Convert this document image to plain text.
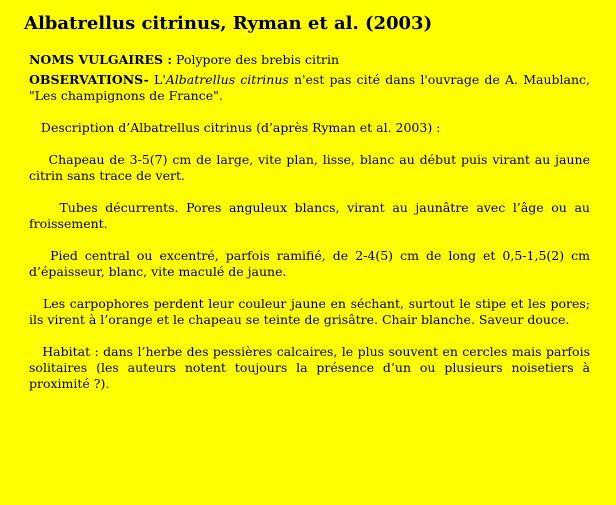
Albatrellus citrinus, Ryman et al. (2003)

NOMS VULGAIRES : Polypore des brebis citrin

OBSERVATIONS- L'Albatrellus citrinus n'est pas cité dans l'ouvrage de A. Maublanc, "Les champignons de France".

Description d’Albatrellus citrinus (d’après Ryman et al. 2003) :

Chapeau de 3-5(7) cm de large, vite plan, lisse, blanc au début puis virant au jaune citrin sans trace de vert.

Tubes décurrents. Pores anguleux blancs, virant au jaunâtre avec l’âge ou au froissement.

Pied central ou excentré, parfois ramifié, de 2-4(5) cm de long et 0,5-1,5(2) cm d’épaisseur, blanc, vite maculé de jaune.

Les carpophores perdent leur couleur jaune en séchant, surtout le stipe et les pores; ils virent à l’orange et le chapeau se teinte de grisâtre. Chair blanche. Saveur douce.

Habitat : dans l’herbe des pessières calcaires, le plus souvent en cercles mais parfois solitaires (les auteurs notent toujours la présence d’un ou plusieurs noisetiers à proximité ?).
